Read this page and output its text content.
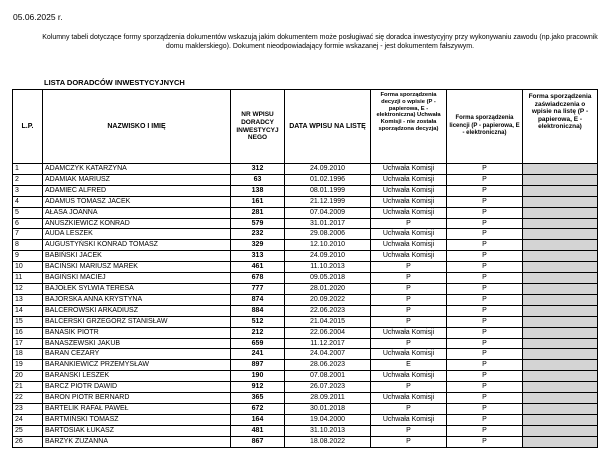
05.06.2025 r.
Kolumny tabeli dotyczące formy sporządzenia dokumentów wskazują jakim dokumentem może posługiwać się doradca inwestycyjny przy wykonywaniu zawodu (np.jako pracownik domu maklerskiego). Dokument nieodpowiadający formie wskazanej - jest dokumentem fałszywym.
LISTA DORADCÓW INWESTYCYJNYCH
L.P.	NAZWISKO I IMIĘ	NR WPISU DORADCY INWESTYCYJ NEGO	DATA WPISU NA LISTĘ	Forma sporządzenia decyzji o wpisie (P - papierowa, E - elektroniczna) Uchwała Komisji - nie została sporządzona decyzja)	Forma sporządzenia licencji (P - papierowa, E - elektroniczna)	Forma sporządzenia zaświadczenia o wpisie na listę (P - papierowa, E - elektroniczna)
1	ADAMCZYK KATARZYNA	312	24.09.2010	Uchwała Komisji	P	
2	ADAMIAK MARIUSZ	63	01.02.1996	Uchwała Komisji	P	
3	ADAMIEC ALFRED	138	08.01.1999	Uchwała Komisji	P	
4	ADAMUS TOMASZ JACEK	161	21.12.1999	Uchwała Komisji	P	
5	AŁASA JOANNA	281	07.04.2009	Uchwała Komisji	P	
6	ANUSZKIEWICZ KONRAD	579	31.01.2017	P	P	
7	AUDA LESZEK	232	29.08.2006	Uchwała Komisji	P	
8	AUGUSTYŃSKI KONRAD TOMASZ	329	12.10.2010	Uchwała Komisji	P	
9	BABIŃSKI JACEK	313	24.09.2010	Uchwała Komisji	P	
10	BACIŃSKI MARIUSZ MAREK	461	11.10.2013	P	P	
11	BAGIŃSKI MACIEJ	678	09.05.2018	P	P	
12	BAJOŁEK SYLWIA TERESA	777	28.01.2020	P	P	
13	BAJORSKA ANNA KRYSTYNA	874	20.09.2022	P	P	
14	BALCEROWSKI ARKADIUSZ	884	22.06.2023	P	P	
15	BALCERSKI GRZEGORZ STANISŁAW	512	21.04.2015	P	P	
16	BANASIK PIOTR	212	22.06.2004	Uchwała Komisji	P	
17	BANASZEWSKI JAKUB	659	11.12.2017	P	P	
18	BARAN CEZARY	241	24.04.2007	Uchwała Komisji	P	
19	BARANKIEWICZ PRZEMYSŁAW	897	28.06.2023	E	P	
20	BARANSKI LESZEK	190	07.08.2001	Uchwała Komisji	P	
21	BARCZ PIOTR DAWID	912	26.07.2023	P	P	
22	BARON PIOTR BERNARD	365	28.09.2011	Uchwała Komisji	P	
23	BARTELIK RAFAŁ PAWEŁ	672	30.01.2018	P	P	
24	BARTMIŃSKI TOMASZ	164	19.04.2000	Uchwała Komisji	P	
25	BARTOSIAK ŁUKASZ	481	31.10.2013	P	P	
26	BARZYK ZUZANNA	867	18.08.2022	P	P	
